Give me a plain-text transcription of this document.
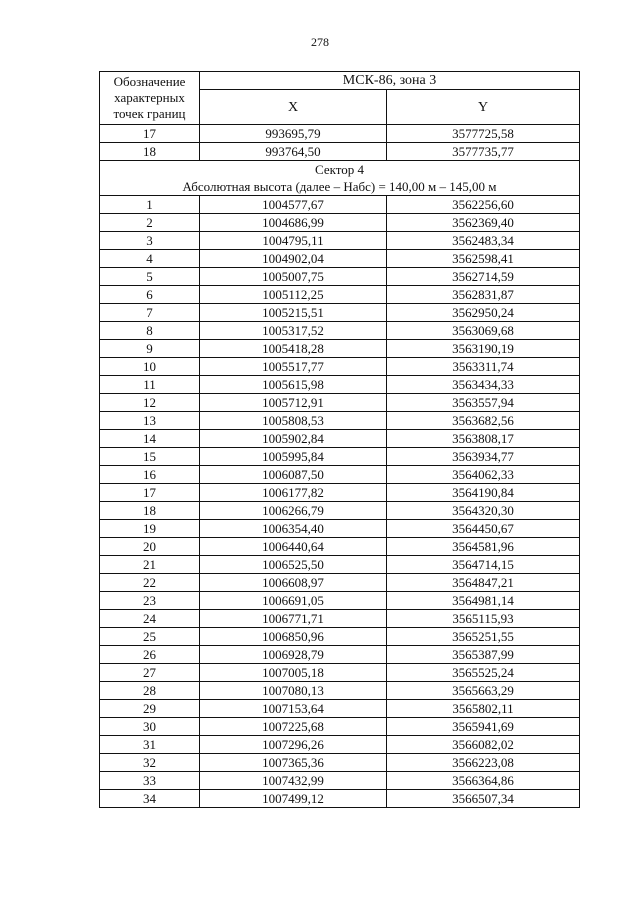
278
Обозначение характерных точек границ	МСК-86, зона 3	
	X	Y
17	993695,79	3577725,58
18	993764,50	3577735,77

Сектор 4
Абсолютная высота (далее – Набс) = 140,00 м – 145,00 м		

1	1004577,67	3562256,60
2	1004686,99	3562369,40
3	1004795,11	3562483,34
4	1004902,04	3562598,41
5	1005007,75	3562714,59
6	1005112,25	3562831,87
7	1005215,51	3562950,24
8	1005317,52	3563069,68
9	1005418,28	3563190,19
10	1005517,77	3563311,74
11	1005615,98	3563434,33
12	1005712,91	3563557,94
13	1005808,53	3563682,56
14	1005902,84	3563808,17
15	1005995,84	3563934,77
16	1006087,50	3564062,33
17	1006177,82	3564190,84
18	1006266,79	3564320,30
19	1006354,40	3564450,67
20	1006440,64	3564581,96
21	1006525,50	3564714,15
22	1006608,97	3564847,21
23	1006691,05	3564981,14
24	1006771,71	3565115,93
25	1006850,96	3565251,55
26	1006928,79	3565387,99
27	1007005,18	3565525,24
28	1007080,13	3565663,29
29	1007153,64	3565802,11
30	1007225,68	3565941,69
31	1007296,26	3566082,02
32	1007365,36	3566223,08
33	1007432,99	3566364,86
34	1007499,12	3566507,34
